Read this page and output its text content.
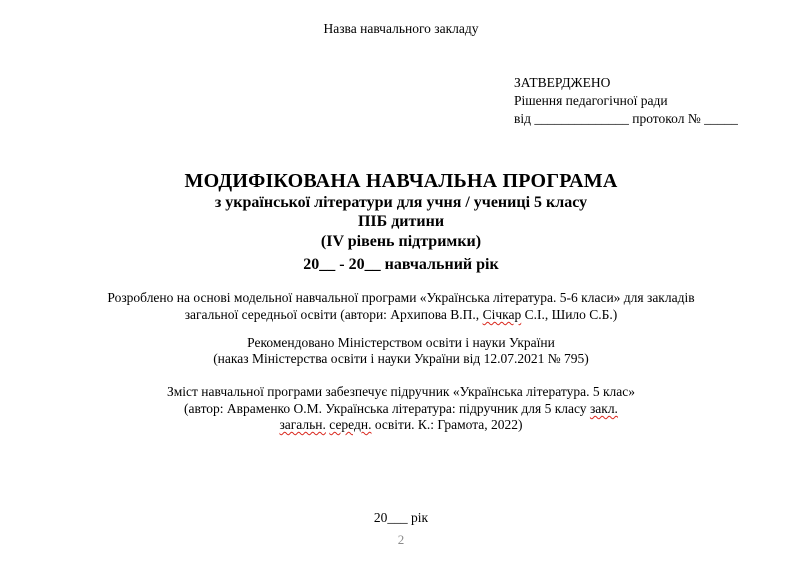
Назва навчального закладу
ЗАТВЕРДЖЕНО
Рішення педагогічної ради
від ______________ протокол № _____
МОДИФІКОВАНА НАВЧАЛЬНА ПРОГРАМА
з української літератури для учня / учениці 5 класу
ПІБ дитини
(ІV рівень підтримки)
20__ - 20__ навчальний рік
Розроблено на основі модельної навчальної програми «Українська література. 5-6 класи» для закладів
загальної середньої освіти (автори: Архипова В.П., Січкар С.І., Шило С.Б.)
Рекомендовано Міністерством освіти і науки України
(наказ Міністерства освіти і науки України від 12.07.2021 № 795)
Зміст навчальної програми забезпечує підручник «Українська література. 5 клас»
(автор: Авраменко О.М. Українська література: підручник для 5 класу закл.
загальн. середн. освіти. К.: Грамота, 2022)
20___ рік
2
